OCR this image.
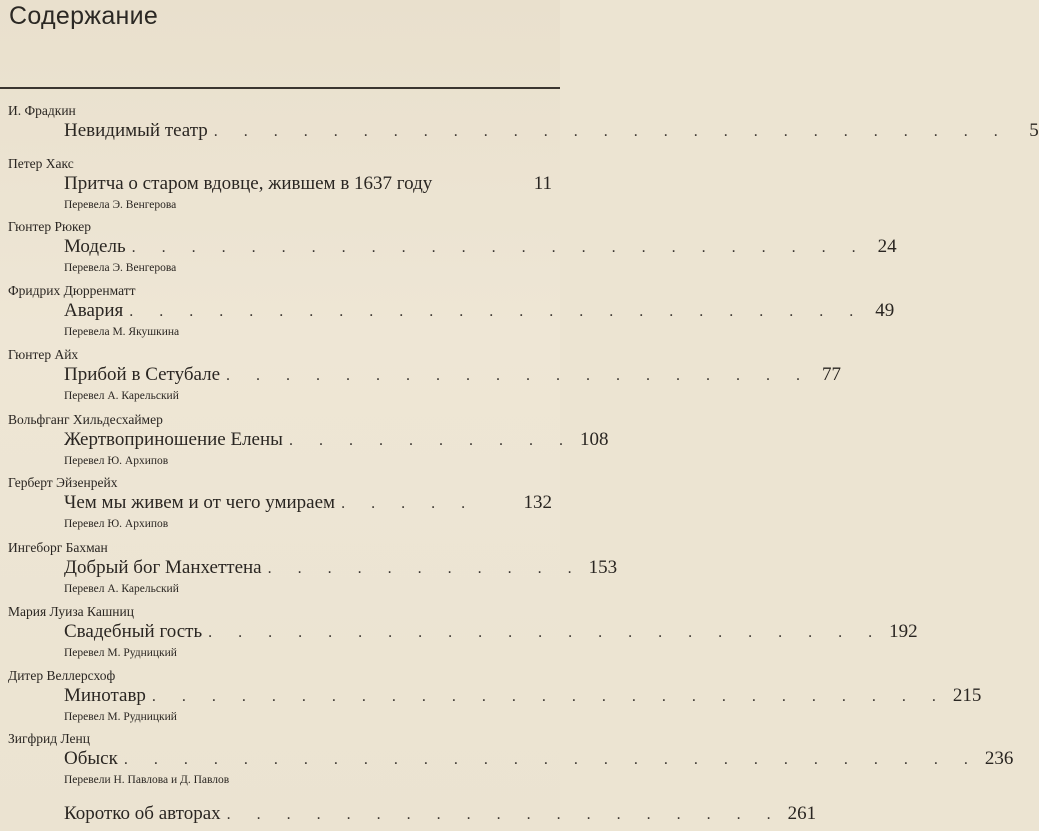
Содержание
И. Фрадкин
Невидимый театр . . . . . . . . . . . . . . . . . . . . . . . . . . .	5
Петер Хакс
Притча о старом вдовце, жившем в 1637 году	11
Перевела Э. Венгерова
Гюнтер Рюкер
Модель . . . . . . . . . . . . . . . . . . . . . . . . . 24
Перевела Э. Венгерова
Фридрих Дюрренматт
Авария . . . . . . . . . . . . . . . . . . . . . . . . . 49
Перевела М. Якушкина
Гюнтер Айх
Прибой в Сетубале . . . . . . . . . . . . . . . . . . . . 77
Перевел А. Карельский
Вольфганг Хильдесхаймер
Жертвоприношение Елены . . . . . . . . . . 108
Перевел Ю. Архипов
Герберт Эйзенрейх
Чем мы живем и от чего умираем . . . . .	132
Перевел Ю. Архипов
Ингеборг Бахман
Добрый бог Манхеттена . . . . . . . . . . . 153
Перевел А. Карельский
Мария Луиза Кашниц
Свадебный гость . . . . . . . . . . . . . . . . . . . . . . . 192
Перевел М. Рудницкий
Дитер Веллерсхоф
Минотавр . . . . . . . . . . . . . . . . . . . . . . . . . . . 215
Перевел М. Рудницкий
Зигфрид Ленц
Обыск . . . . . . . . . . . . . . . . . . . . . . . . . . . . . 236
Перевели Н. Павлова и Д. Павлов
Коротко об авторах . . . . . . . . . . . . . . . . . . . 261
